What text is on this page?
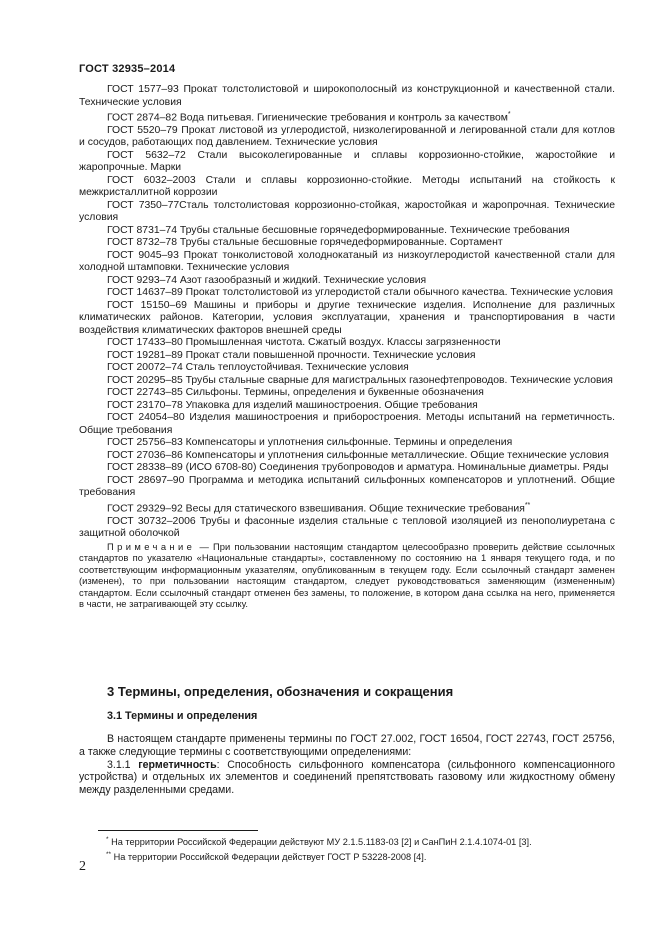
ГОСТ 32935–2014

ГОСТ 1577–93 Прокат толстолистовой и широкополосный из конструкционной и качественной стали. Технические условия

ГОСТ 2874–82 Вода питьевая. Гигиенические требования и контроль за качеством*

ГОСТ 5520–79 Прокат листовой из углеродистой, низколегированной и легированной стали для котлов и сосудов, работающих под давлением. Технические условия

ГОСТ 5632–72 Стали высоколегированные и сплавы коррозионно-стойкие, жаростойкие и жаропрочные. Марки

ГОСТ 6032–2003 Стали и сплавы коррозионно-стойкие. Методы испытаний на стойкость к межкристаллитной коррозии

ГОСТ 7350–77Сталь толстолистовая коррозионно-стойкая, жаростойкая и жаропрочная. Технические условия

ГОСТ 8731–74 Трубы стальные бесшовные горячедеформированные. Технические требования

ГОСТ 8732–78 Трубы стальные бесшовные горячедеформированные. Сортамент

ГОСТ 9045–93 Прокат тонколистовой холоднокатаный из низкоуглеродистой качественной стали для холодной штамповки. Технические условия

ГОСТ 9293–74 Азот газообразный и жидкий. Технические условия

ГОСТ 14637–89 Прокат толстолистовой из углеродистой стали обычного качества. Технические условия

ГОСТ 15150–69 Машины и приборы и другие технические изделия. Исполнение для различных климатических районов. Категории, условия эксплуатации, хранения и транспортирования в части воздействия климатических факторов внешней среды

ГОСТ 17433–80 Промышленная чистота. Сжатый воздух. Классы загрязненности

ГОСТ 19281–89 Прокат стали повышенной прочности. Технические условия

ГОСТ 20072–74 Сталь теплоустойчивая. Технические условия

ГОСТ 20295–85 Трубы стальные сварные для магистральных газонефтепроводов. Технические условия

ГОСТ 22743–85 Сильфоны. Термины, определения и буквенные обозначения

ГОСТ 23170–78 Упаковка для изделий машиностроения. Общие требования

ГОСТ 24054–80 Изделия машиностроения и приборостроения. Методы испытаний на герметичность. Общие требования

ГОСТ 25756–83 Компенсаторы и уплотнения сильфонные. Термины и определения

ГОСТ 27036–86 Компенсаторы и уплотнения сильфонные металлические. Общие технические условия

ГОСТ 28338–89 (ИСО 6708-80) Соединения трубопроводов и арматура. Номинальные диаметры. Ряды

ГОСТ 28697–90 Программа и методика испытаний сильфонных компенсаторов и уплотнений. Общие требования

ГОСТ 29329–92 Весы для статического взвешивания. Общие технические требования**

ГОСТ 30732–2006 Трубы и фасонные изделия стальные с тепловой изоляцией из пенополиуретана с защитной оболочкой

Примечание — При пользовании настоящим стандартом целесообразно проверить действие ссылочных стандартов по указателю «Национальные стандарты», составленному по состоянию на 1 января текущего года, и по соответствующим информационным указателям, опубликованным в текущем году. Если ссылочный стандарт заменен (изменен), то при пользовании настоящим стандартом, следует руководствоваться заменяющим (измененным) стандартом. Если ссылочный стандарт отменен без замены, то положение, в котором дана ссылка на него, применяется в части, не затрагивающей эту ссылку.

3 Термины, определения, обозначения и сокращения
3.1 Термины и определения

В настоящем стандарте применены термины по ГОСТ 27.002, ГОСТ 16504, ГОСТ 22743, ГОСТ 25756, а также следующие термины с соответствующими определениями:

3.1.1 герметичность: Способность сильфонного компенсатора (сильфонного компенсационного устройства) и отдельных их элементов и соединений препятствовать газовому или жидкостному обмену между разделенными средами.

* На территории Российской Федерации действуют МУ 2.1.5.1183-03 [2] и СанПиН 2.1.4.1074-01 [3].
** На территории Российской Федерации действует ГОСТ Р 53228-2008 [4].
2
